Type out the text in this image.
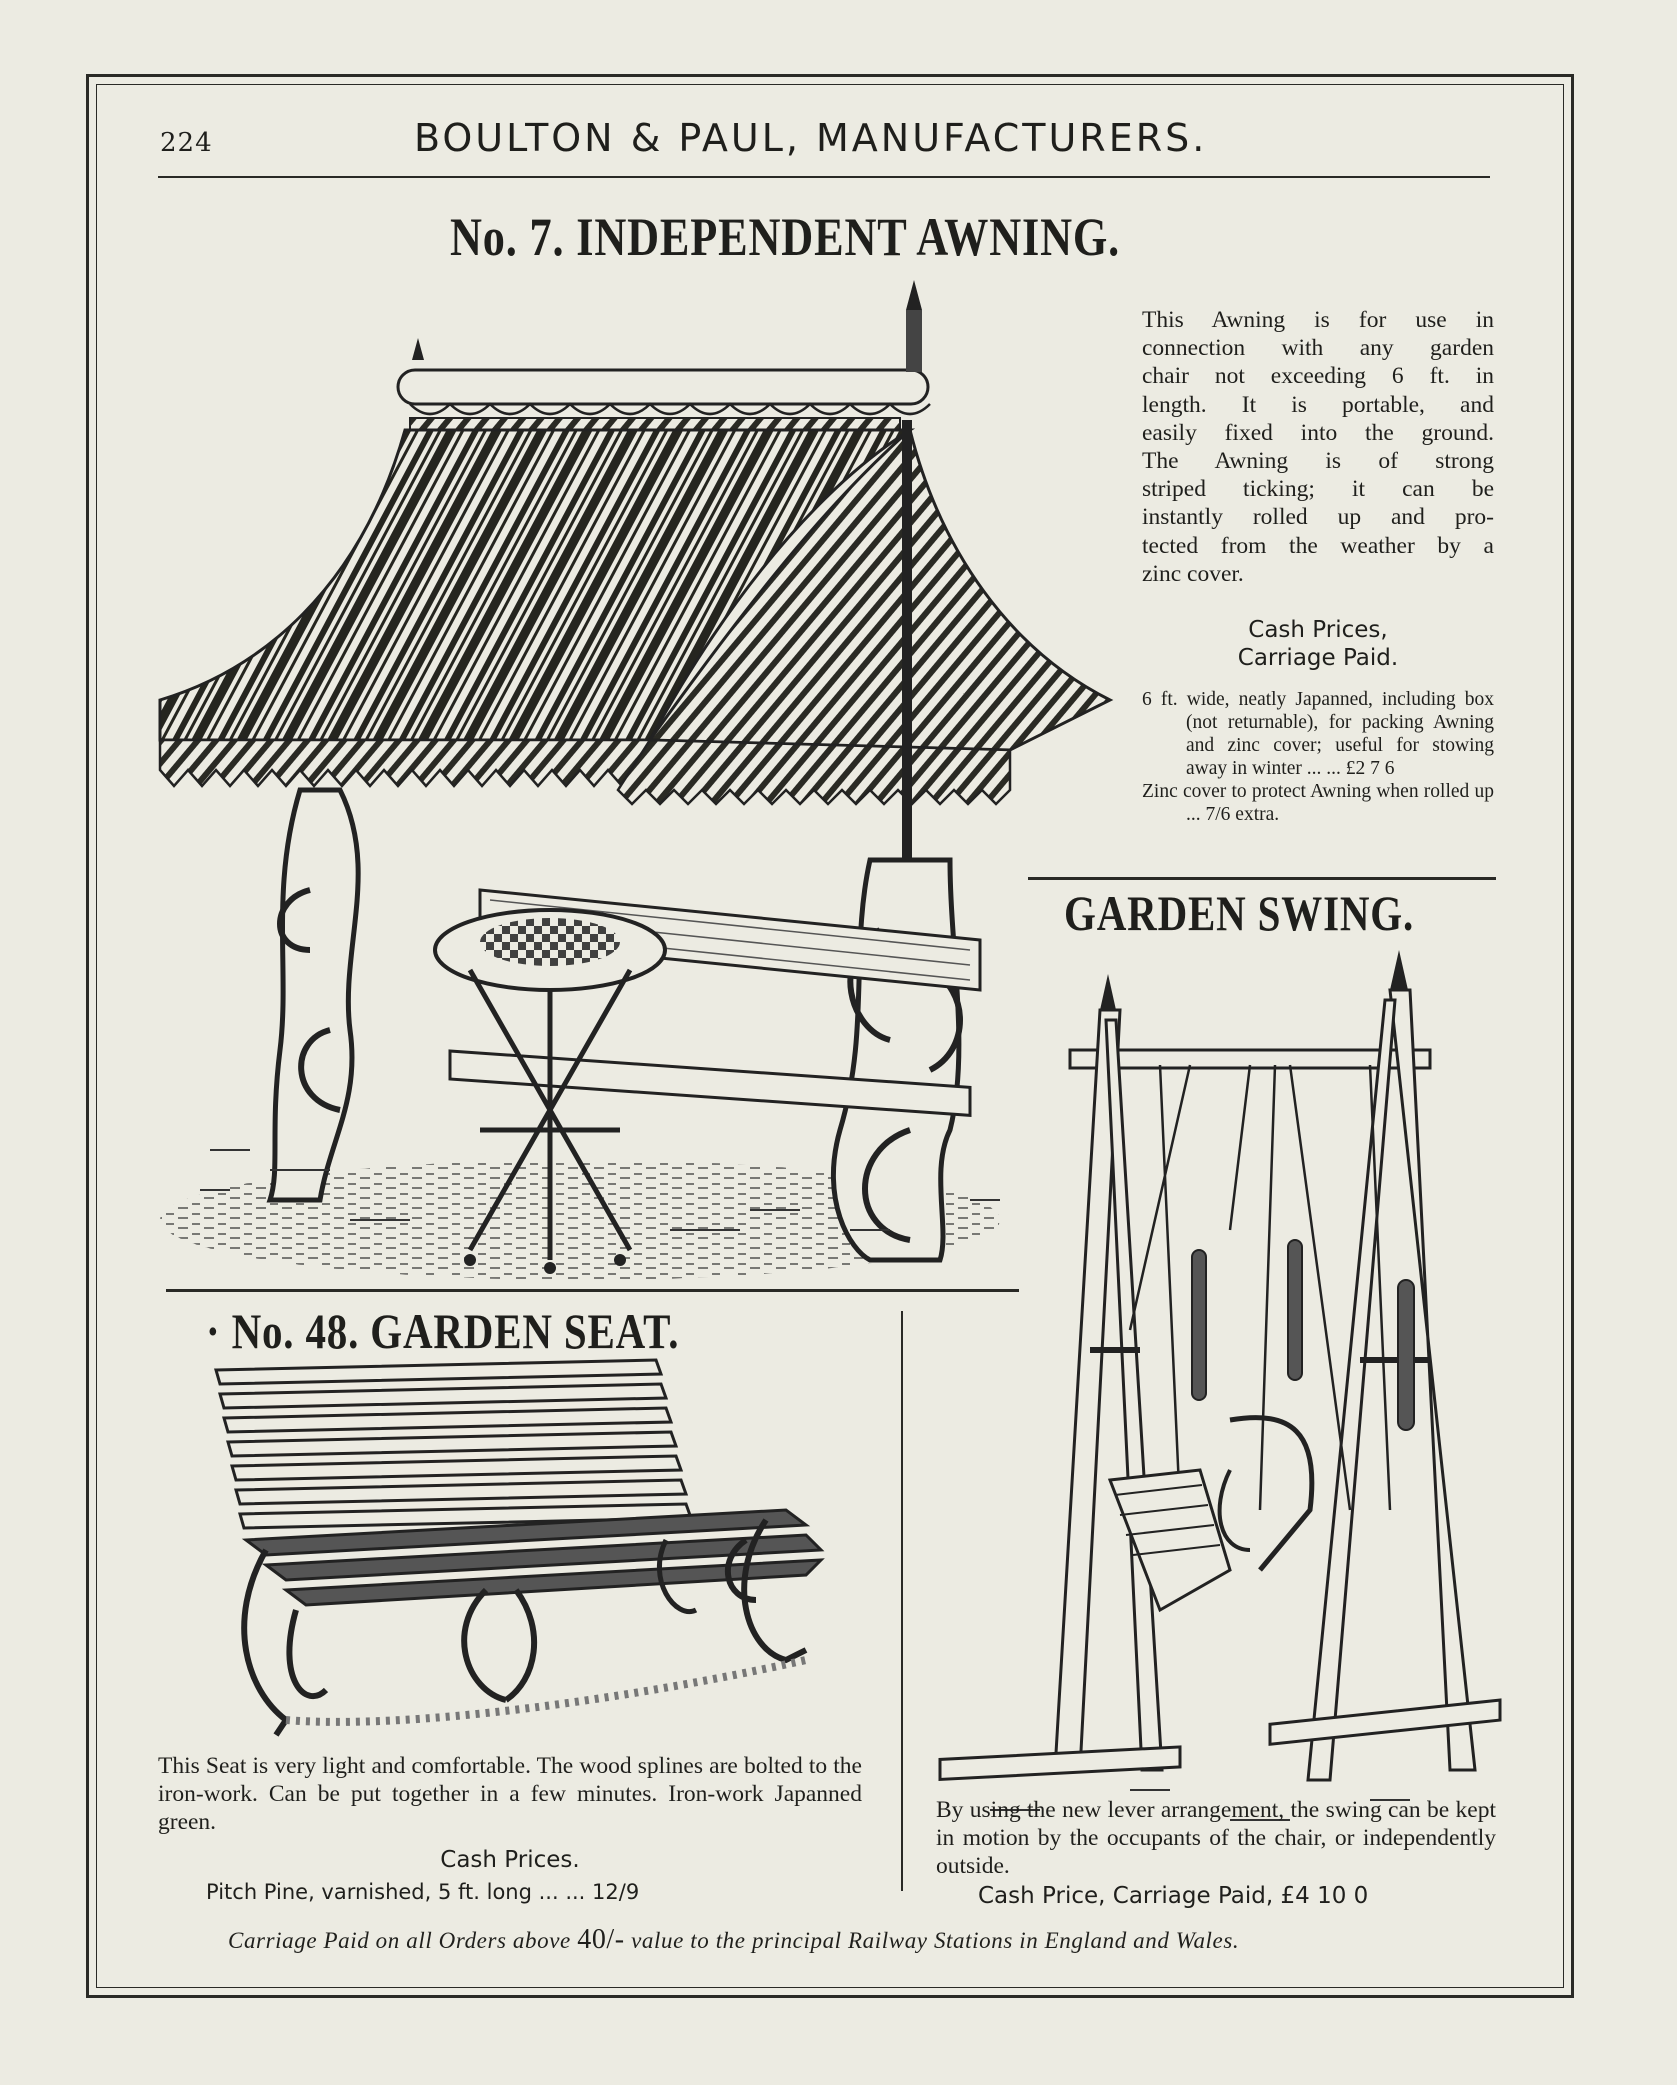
224	BOULTON & PAUL, MANUFACTURERS.
No. 7. INDEPENDENT AWNING.
This Awning is for use in
connection with any garden
chair not exceeding 6 ft. in
length. It is portable, and
easily fixed into the ground.
The Awning is of strong
striped ticking; it can be
instantly rolled up and pro-
tected from the weather by a
zinc cover.
Cash Prices,
Carriage Paid.
6 ft. wide, neatly Japanned, including box (not returnable), for packing Awning and zinc cover; useful for stowing away in winter ... ... £2 7 6
Zinc cover to protect Awning when rolled up ... 7/6 extra.
GARDEN SWING.
· No. 48. GARDEN SEAT.
This Seat is very light and comfortable. The wood splines are bolted to the iron-work. Can be put together in a few minutes. Iron-work Japanned green.
Cash Prices.
Pitch Pine, varnished, 5 ft. long ... ... 12/9
By using the new lever arrangement, the swing can be kept in motion by the occupants of the chair, or independently outside.
Cash Price, Carriage Paid, £4 10 0
Carriage Paid on all Orders above 40/- value to the principal Railway Stations in England and Wales.
